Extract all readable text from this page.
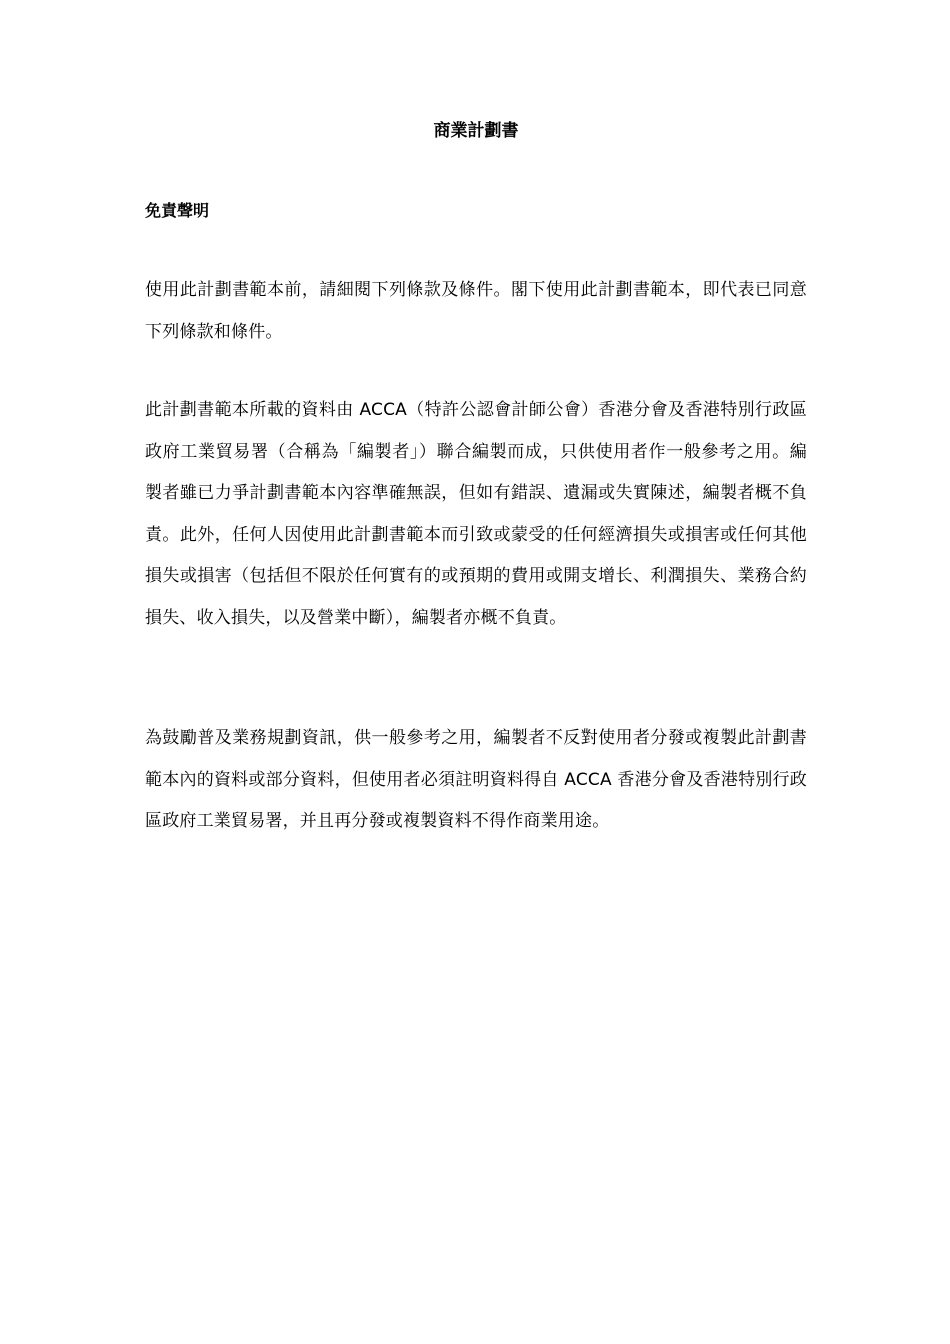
商業計劃書
免責聲明

使用此計劃書範本前，請細閱下列條款及條件。閣下使用此計劃書範本，即代表已同意下列條款和條件。

此計劃書範本所載的資料由 ACCA（特許公認會計師公會）香港分會及香港特別行政區政府工業貿易署（合稱為「編製者」）聯合編製而成，只供使用者作一般參考之用。編製者雖已力爭計劃書範本內容準確無誤，但如有錯誤、遺漏或失實陳述，編製者概不負責。此外，任何人因使用此計劃書範本而引致或蒙受的任何經濟損失或損害或任何其他損失或損害（包括但不限於任何實有的或預期的費用或開支增长、利潤損失、業務合約損失、收入損失，以及營業中斷），編製者亦概不負責。

為鼓勵普及業務規劃資訊，供一般參考之用，編製者不反對使用者分發或複製此計劃書範本內的資料或部分資料，但使用者必須註明資料得自 ACCA 香港分會及香港特別行政區政府工業貿易署，并且再分發或複製資料不得作商業用途。
